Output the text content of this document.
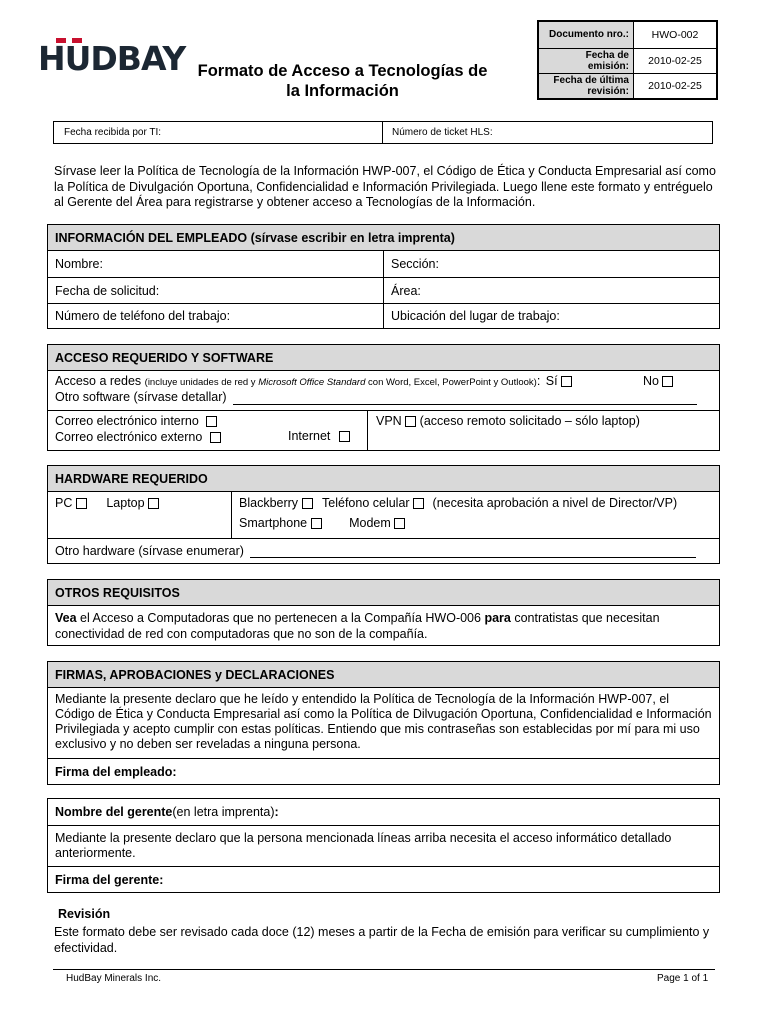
HUDBAY Formato de Acceso a Tecnologías de
la Información
Documento nro.:	HWO-002
Fecha de emisión:	2010-02-25
Fecha de última revisión:	2010-02-25
Fecha recibida por TI:	Número de ticket HLS:
Sírvase leer la Política de Tecnología de la Información HWP-007, el Código de Ética y Conducta Empresarial así como la Política de Divulgación Oportuna, Confidencialidad e Información Privilegiada. Luego llene este formato y entréguelo al Gerente del Área para registrarse y obtener acceso a Tecnologías de la Información.
INFORMACIÓN DEL EMPLEADO (sírvase escribir en letra imprenta)
Nombre:	Sección:
Fecha de solicitud:	Área:
Número de teléfono del trabajo:	Ubicación del lugar de trabajo:
ACCESO REQUERIDO Y SOFTWARE
Acceso a redes (incluye unidades de red y Microsoft Office Standard con Word, Excel, PowerPoint y Outlook): Sí	No
Otro software (sírvase detallar)
Correo electrónico interno
Correo electrónico externo	Internet
VPN (acceso remoto solicitado – sólo laptop)
HARDWARE REQUERIDO
PC	Laptop	Blackberry Teléfono celular (necesita aprobación a nivel de Director/VP)
Smartphone	Modem
Otro hardware (sírvase enumerar)
OTROS REQUISITOS
Vea el Acceso a Computadoras que no pertenecen a la Compañía HWO-006 para contratistas que necesitan conectividad de red con computadoras que no son de la compañía.
FIRMAS, APROBACIONES y DECLARACIONES
Mediante la presente declaro que he leído y entendido la Política de Tecnología de la Información HWP-007, el Código de Ética y Conducta Empresarial así como la Política de Dilvugación Oportuna, Confidencialidad e Información Privilegiada y acepto cumplir con estas políticas. Entiendo que mis contraseñas son establecidas por mí para mi uso exclusivo y no deben ser reveladas a ninguna persona.
Firma del empleado:
Nombre del gerente (en letra imprenta) :
Mediante la presente declaro que la persona mencionada líneas arriba necesita el acceso informático detallado anteriormente.
Firma del gerente:
Revisión
Este formato debe ser revisado cada doce (12) meses a partir de la Fecha de emisión para verificar su cumplimiento y efectividad.
HudBay Minerals Inc.	Page 1 of 1
